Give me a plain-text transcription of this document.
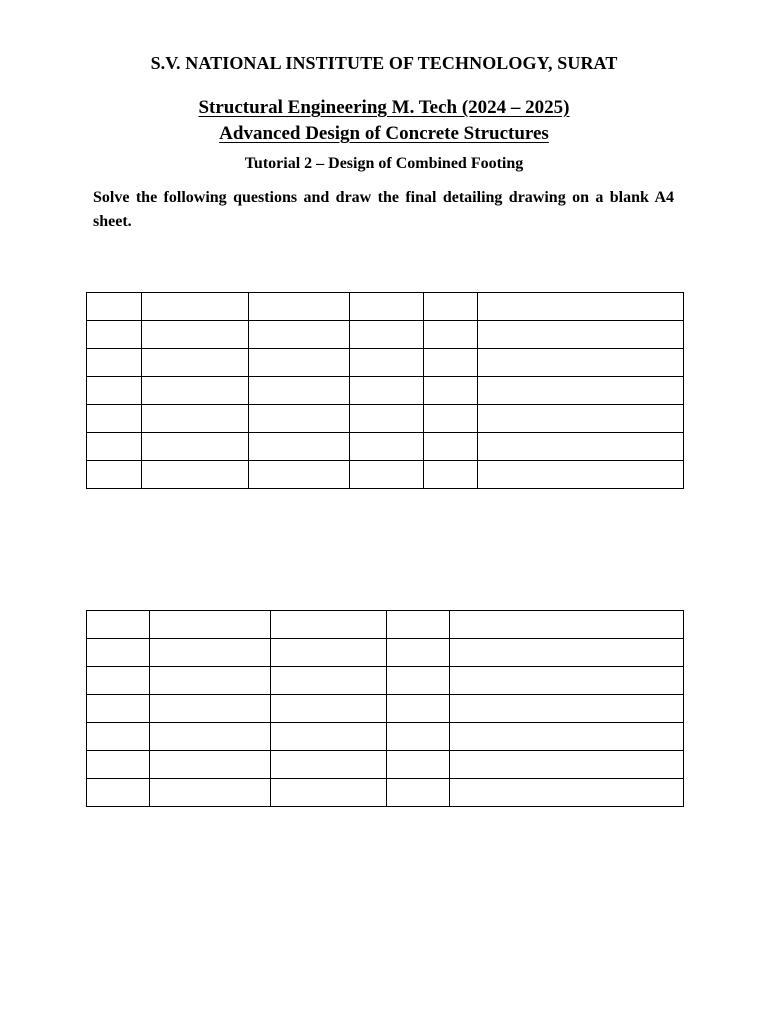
S.V. NATIONAL INSTITUTE OF TECHNOLOGY, SURAT
Structural Engineering M. Tech (2024 – 2025)
Advanced Design of Concrete Structures
Tutorial 2 – Design of Combined Footing
Solve the following questions and draw the final detailing drawing on a blank A4 sheet.
